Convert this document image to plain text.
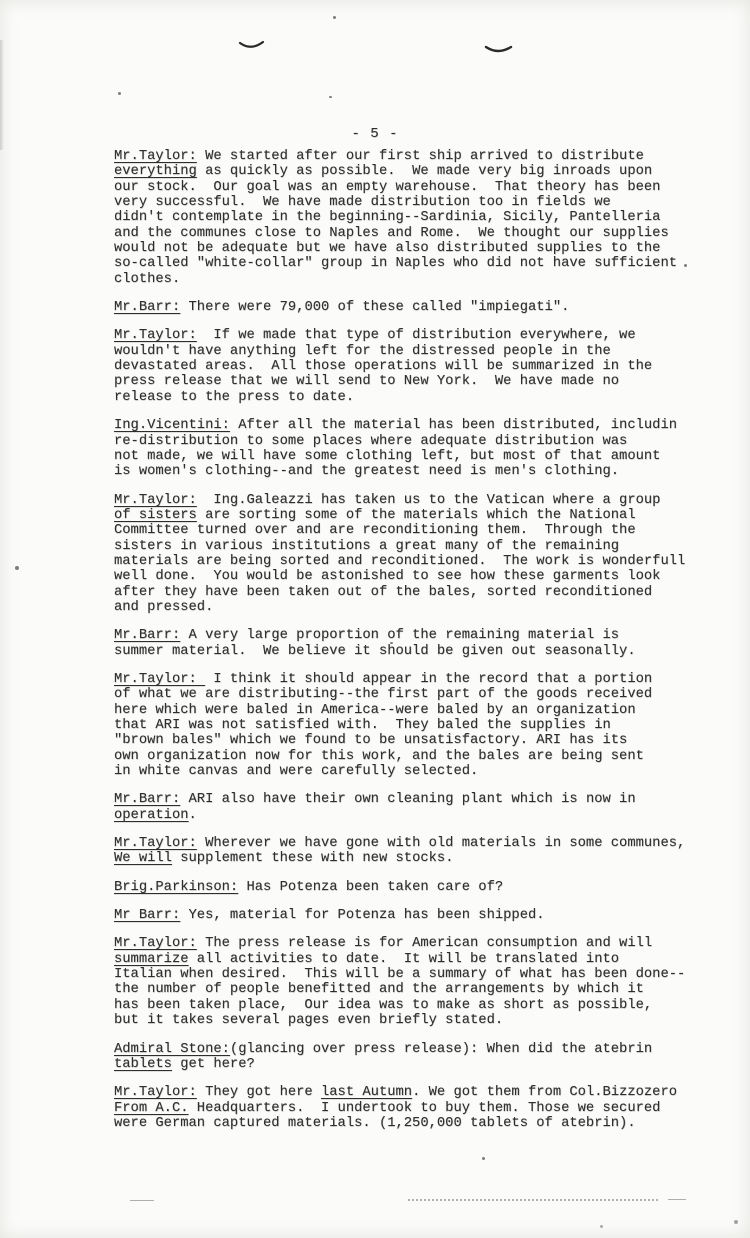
- 5 -
Mr.Taylor: We started after our first ship arrived to distribute
everything as quickly as possible.  We made very big inroads upon
our stock.  Our goal was an empty warehouse.  That theory has been
very successful.  We have made distribution too in fields we
didn't contemplate in the beginning--Sardinia, Sicily, Pantelleria
and the communes close to Naples and Rome.  We thought our supplies
would not be adequate but we have also distributed supplies to the
so-called "white-collar" group in Naples who did not have sufficient
clothes.
Mr.Barr: There were 79,000 of these called "impiegati".
Mr.Taylor:  If we made that type of distribution everywhere, we
wouldn't have anything left for the distressed people in the
devastated areas.  All those operations will be summarized in the
press release that we will send to New York.  We have made no
release to the press to date.
Ing.Vicentini: After all the material has been distributed, includin
re-distribution to some places where adequate distribution was
not made, we will have some clothing left, but most of that amount
is women's clothing--and the greatest need is men's clothing.
Mr.Taylor:  Ing.Galeazzi has taken us to the Vatican where a group
of sisters are sorting some of the materials which the National
Committee turned over and are reconditioning them.  Through the
sisters in various institutions a great many of the remaining
materials are being sorted and reconditioned.  The work is wonderfull
well done.  You would be astonished to see how these garments look
after they have been taken out of the bales, sorted reconditioned
and pressed.
Mr.Barr: A very large proportion of the remaining material is
summer material.  We believe it should be given out seasonally.
Mr.Taylor:  I think it should appear in the record that a portion
of what we are distributing--the first part of the goods received
here which were baled in America--were baled by an organization
that ARI was not satisfied with.  They baled the supplies in
"brown bales" which we found to be unsatisfactory. ARI has its
own organization now for this work, and the bales are being sent
in white canvas and were carefully selected.
Mr.Barr: ARI also have their own cleaning plant which is now in
operation.
Mr.Taylor: Wherever we have gone with old materials in some communes,
We will supplement these with new stocks.
Brig.Parkinson: Has Potenza been taken care of?
Mr Barr: Yes, material for Potenza has been shipped.
Mr.Taylor: The press release is for American consumption and will
summarize all activities to date.  It will be translated into
Italian when desired.  This will be a summary of what has been done--
the number of people benefitted and the arrangements by which it
has been taken place,  Our idea was to make as short as possible,
but it takes several pages even briefly stated.
Admiral Stone:(glancing over press release): When did the atebrin
tablets get here?
Mr.Taylor: They got here last Autumn. We got them from Col.Bizzozero
From A.C. Headquarters.  I undertook to buy them. Those we secured
were German captured materials. (1,250,000 tablets of atebrin).
